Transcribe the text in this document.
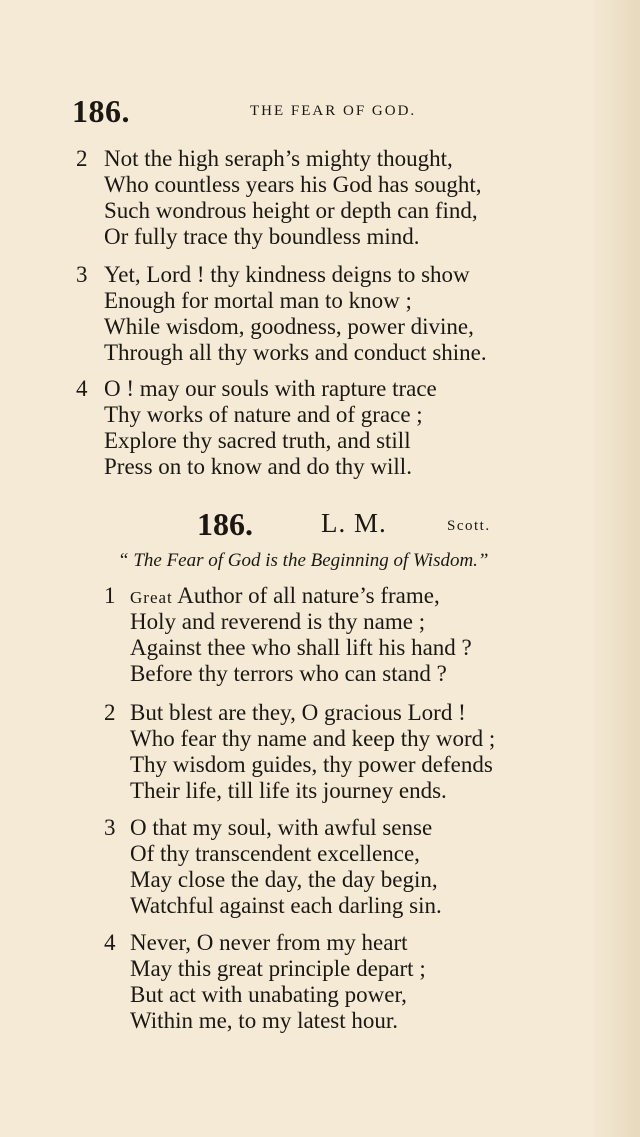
186.	THE FEAR OF GOD.
2 Not the high seraph’s mighty thought,
Who countless years his God has sought,
Such wondrous height or depth can find,
Or fully trace thy boundless mind.
3 Yet, Lord ! thy kindness deigns to show
Enough for mortal man to know ;
While wisdom, goodness, power divine,
Through all thy works and conduct shine.
4 O ! may our souls with rapture trace
Thy works of nature and of grace ;
Explore thy sacred truth, and still
Press on to know and do thy will.
186.	L. M.	Scott.
“ The Fear of God is the Beginning of Wisdom.”
1 Great Author of all nature’s frame,
Holy and reverend is thy name ;
Against thee who shall lift his hand ?
Before thy terrors who can stand ?
2 But blest are they, O gracious Lord !
Who fear thy name and keep thy word ;
Thy wisdom guides, thy power defends
Their life, till life its journey ends.
3 O that my soul, with awful sense
Of thy transcendent excellence,
May close the day, the day begin,
Watchful against each darling sin.
4 Never, O never from my heart
May this great principle depart ;
But act with unabating power,
Within me, to my latest hour.
